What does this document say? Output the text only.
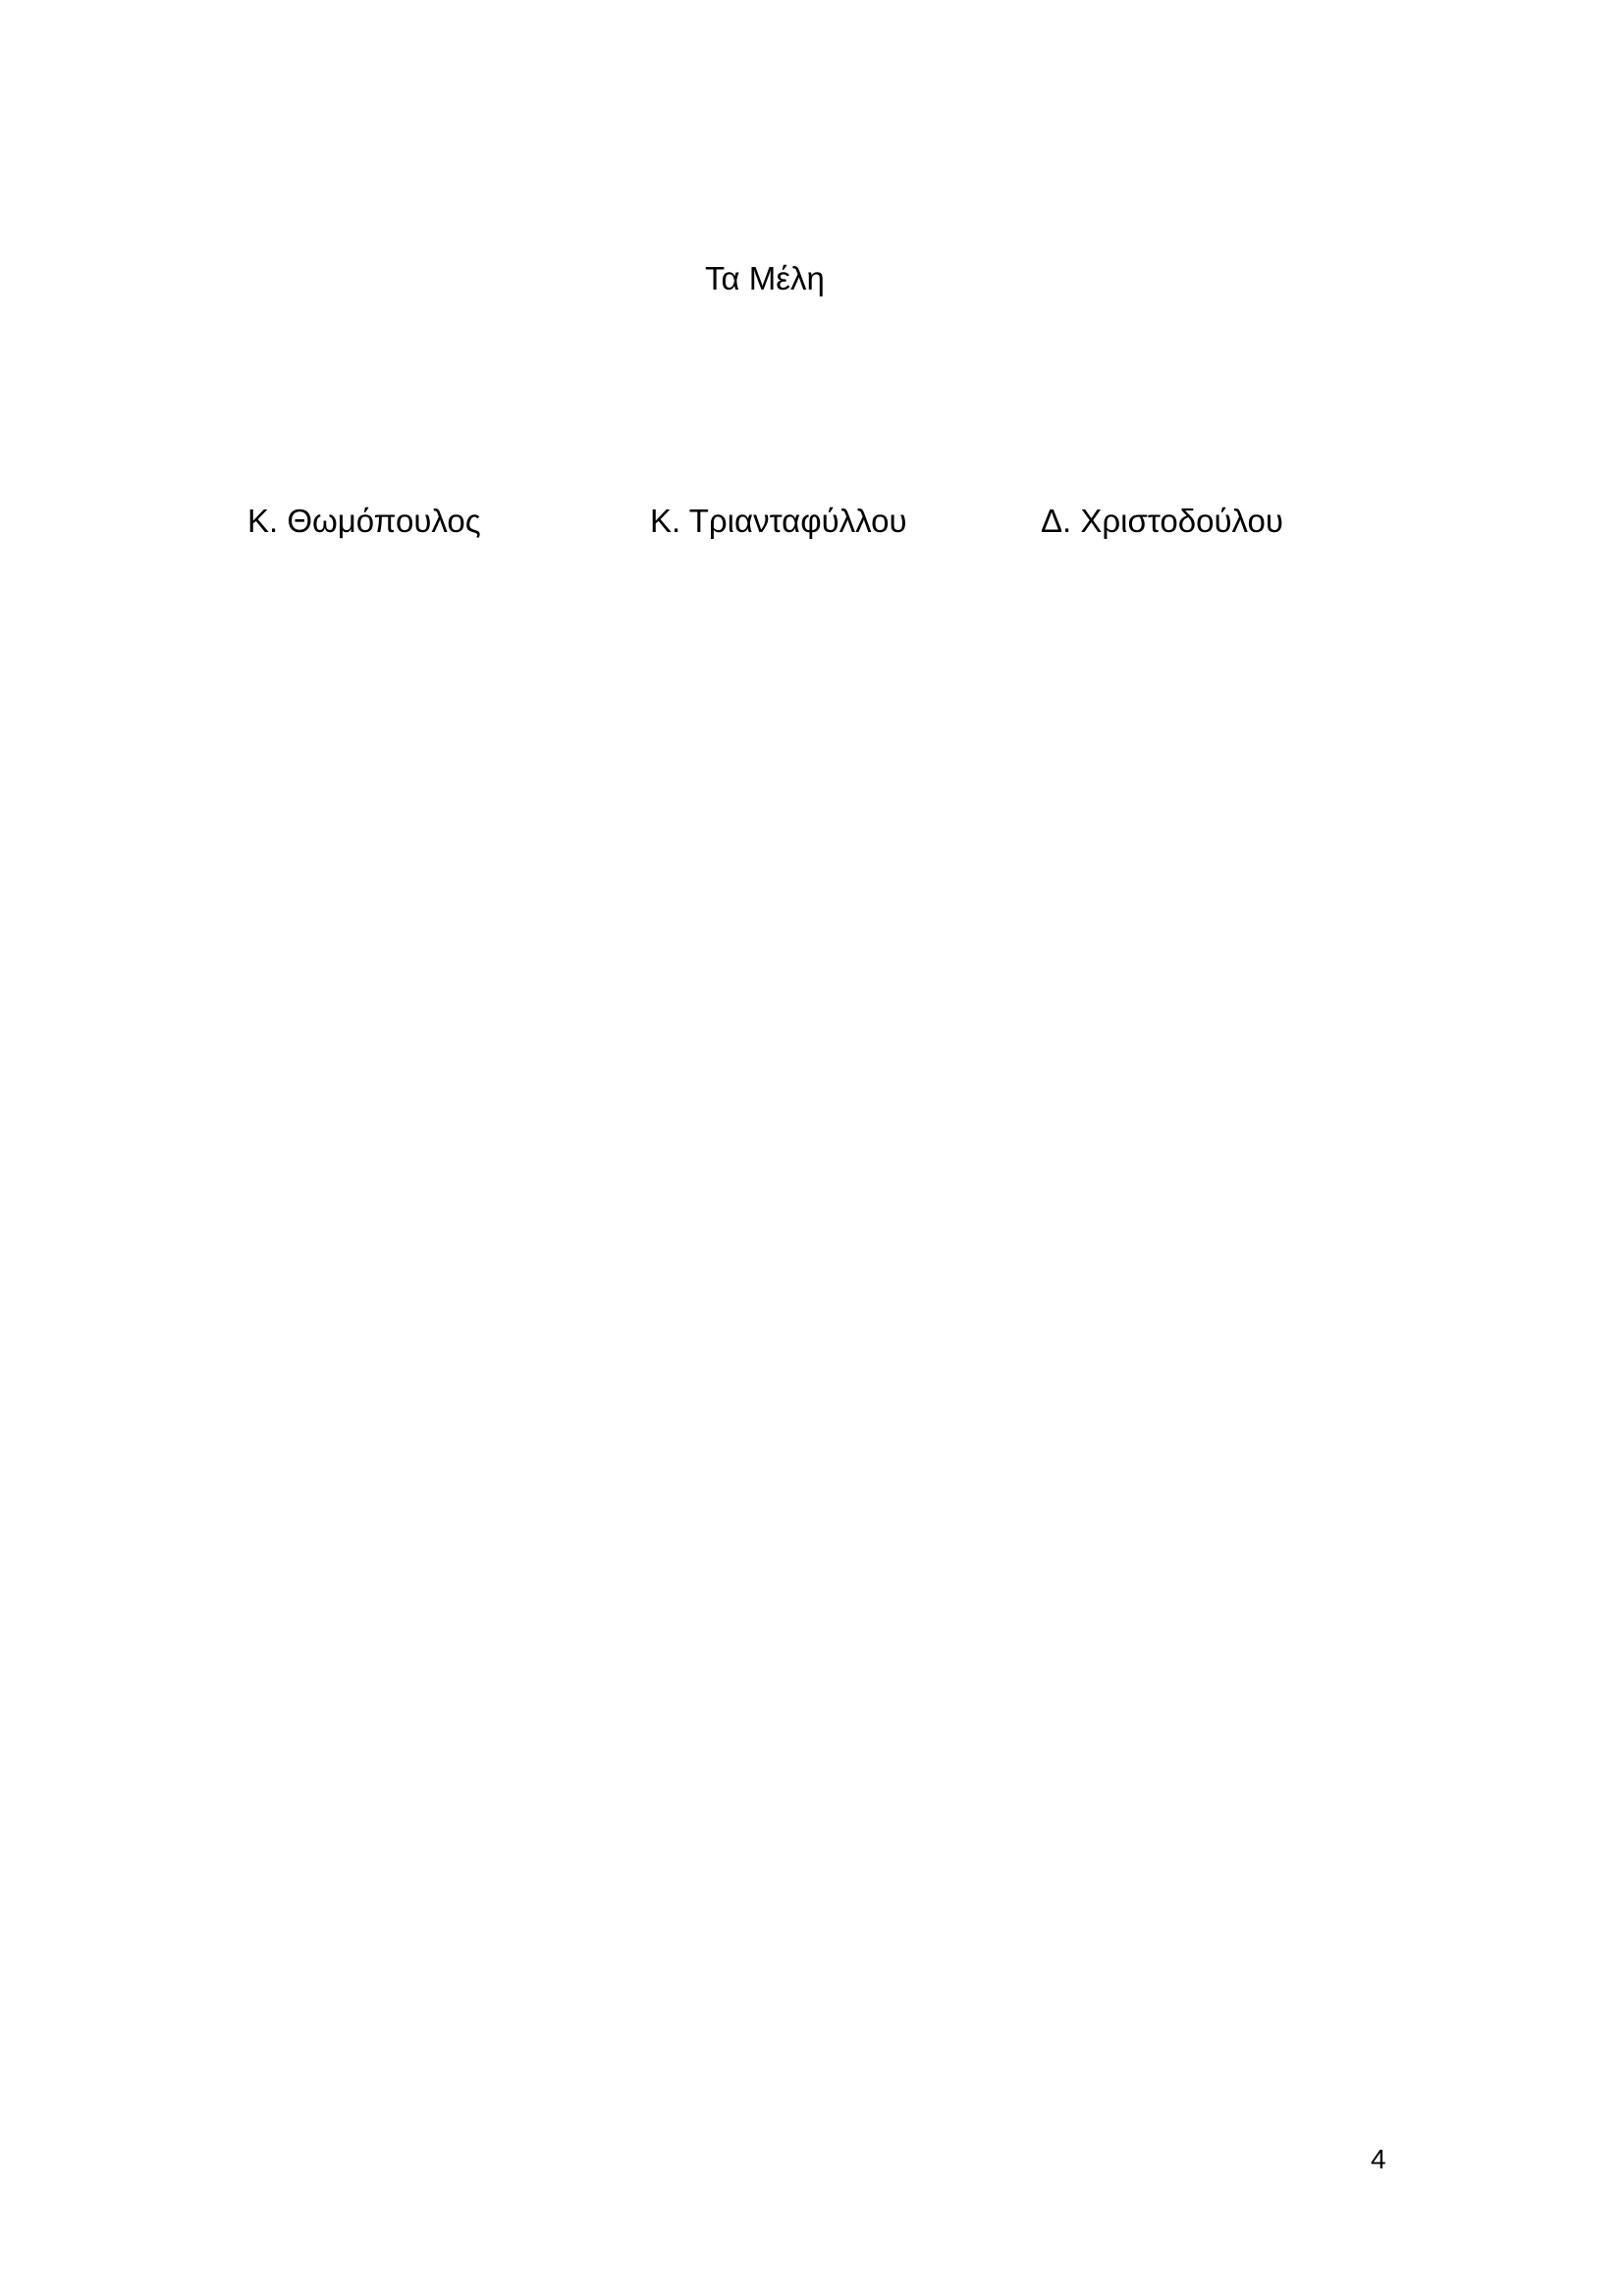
Τα Μέλη
Κ. Θωμόπουλος	Κ. Τριανταφύλλου	Δ. Χριστοδούλου
4
